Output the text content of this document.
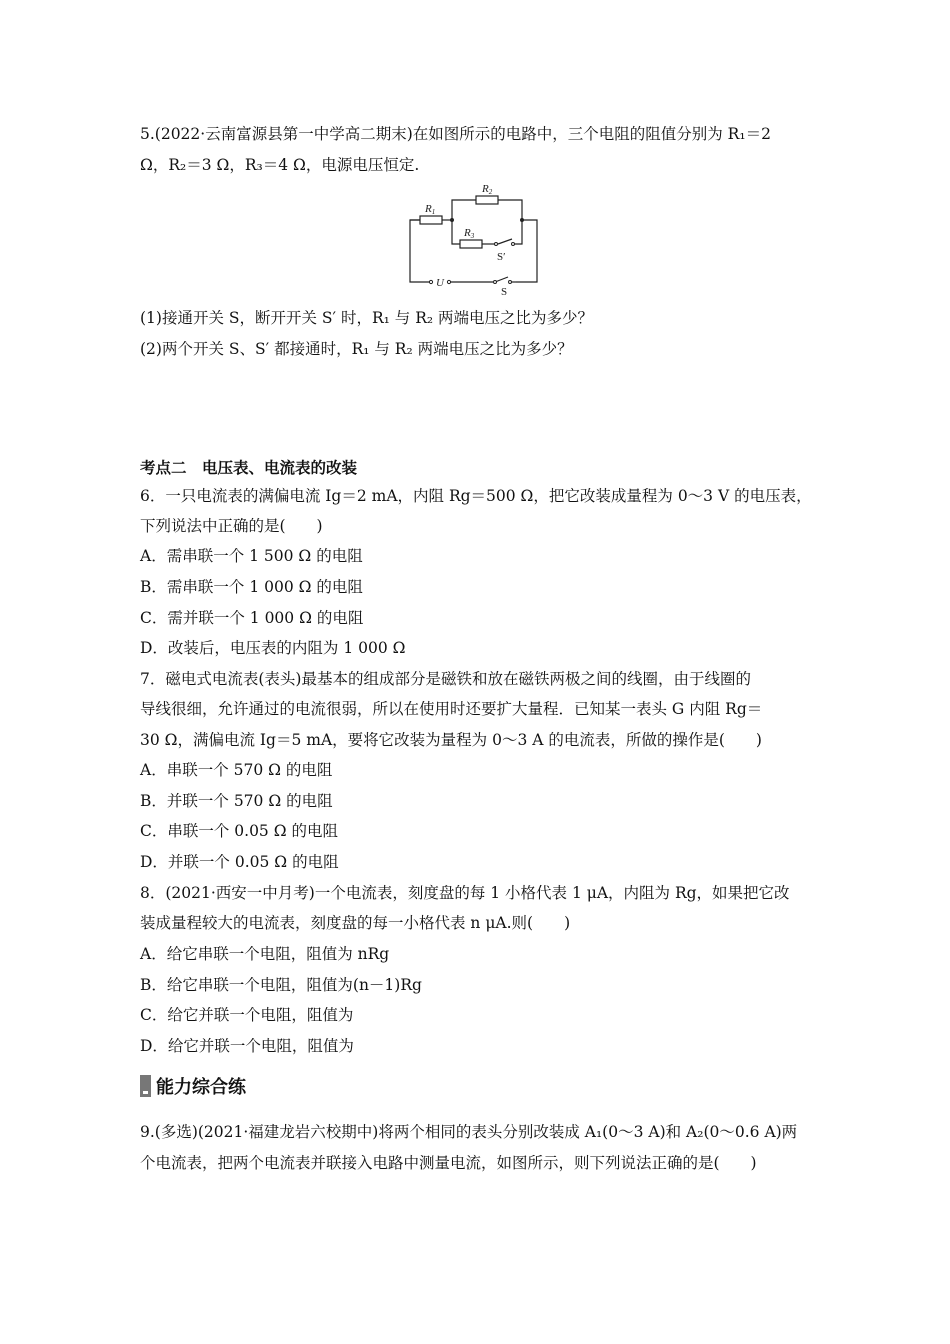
5.(2022·云南富源县第一中学高二期末)在如图所示的电路中，三个电阻的阻值分别为 R₁＝2
Ω，R₂＝3 Ω，R₃＝4 Ω，电源电压恒定.
R1
R2
R3
S′
U
S
(1)接通开关 S，断开开关 S′ 时，R₁ 与 R₂ 两端电压之比为多少？
(2)两个开关 S、S′ 都接通时，R₁ 与 R₂ 两端电压之比为多少？
考点二　电压表、电流表的改装
6．一只电流表的满偏电流 Ig＝2 mA，内阻 Rg＝500 Ω，把它改装成量程为 0～3 V 的电压表，
下列说法中正确的是(　　)
A．需串联一个 1 500 Ω 的电阻
B．需串联一个 1 000 Ω 的电阻
C．需并联一个 1 000 Ω 的电阻
D．改装后，电压表的内阻为 1 000 Ω
7．磁电式电流表(表头)最基本的组成部分是磁铁和放在磁铁两极之间的线圈，由于线圈的
导线很细，允许通过的电流很弱，所以在使用时还要扩大量程．已知某一表头 G 内阻 Rg＝
30 Ω，满偏电流 Ig＝5 mA，要将它改装为量程为 0～3 A 的电流表，所做的操作是(　　)
A．串联一个 570 Ω 的电阻
B．并联一个 570 Ω 的电阻
C．串联一个 0.05 Ω 的电阻
D．并联一个 0.05 Ω 的电阻
8．(2021·西安一中月考)一个电流表，刻度盘的每 1 小格代表 1 μA，内阻为 Rg，如果把它改
装成量程较大的电流表，刻度盘的每一小格代表 n μA.则(　　)
A．给它串联一个电阻，阻值为 nRg
B．给它串联一个电阻，阻值为(n－1)Rg
C．给它并联一个电阻，阻值为
D．给它并联一个电阻，阻值为
能力综合练
9.(多选)(2021·福建龙岩六校期中)将两个相同的表头分别改装成 A₁(0～3 A)和 A₂(0～0.6 A)两
个电流表，把两个电流表并联接入电路中测量电流，如图所示，则下列说法正确的是(　　)
